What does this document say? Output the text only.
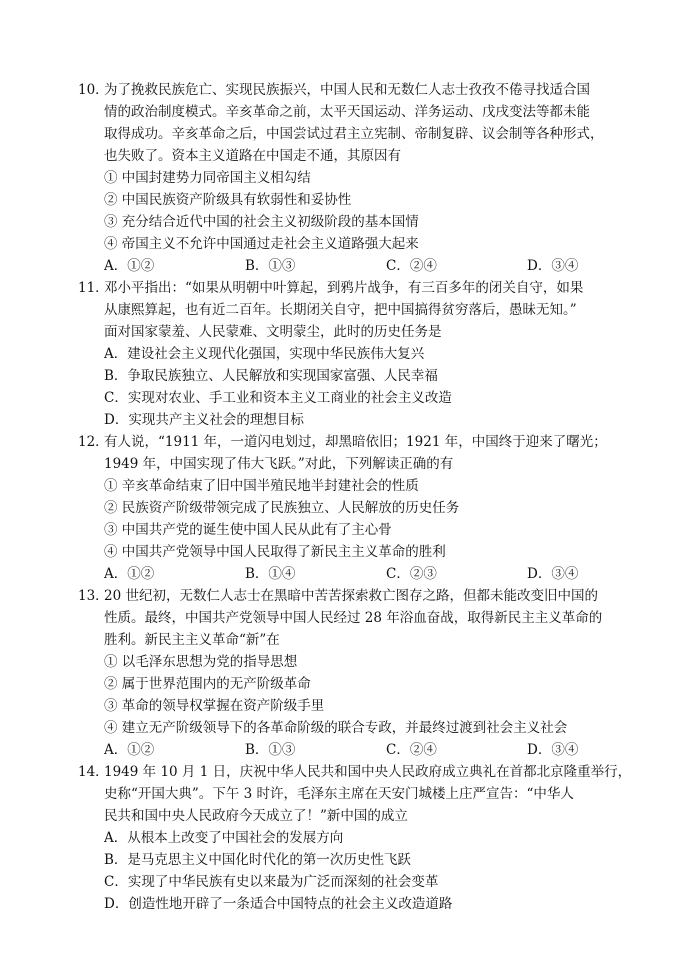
10．为了挽救民族危亡、实现民族振兴，中国人民和无数仁人志士孜孜不倦寻找适合国
情的政治制度模式。辛亥革命之前，太平天国运动、洋务运动、戊戌变法等都未能
取得成功。辛亥革命之后，中国尝试过君主立宪制、帝制复辟、议会制等各种形式，
也失败了。资本主义道路在中国走不通，其原因有
① 中国封建势力同帝国主义相勾结
② 中国民族资产阶级具有软弱性和妥协性
③ 充分结合近代中国的社会主义初级阶段的基本国情
④ 帝国主义不允许中国通过走社会主义道路强大起来
A．①②	B．①③	C．②④	D．③④
11．邓小平指出：“如果从明朝中叶算起，到鸦片战争，有三百多年的闭关自守，如果
从康熙算起，也有近二百年。长期闭关自守，把中国搞得贫穷落后，愚昧无知。”
面对国家蒙羞、人民蒙难、文明蒙尘，此时的历史任务是
A．建设社会主义现代化强国，实现中华民族伟大复兴
B．争取民族独立、人民解放和实现国家富强、人民幸福
C．实现对农业、手工业和资本主义工商业的社会主义改造
D．实现共产主义社会的理想目标
12．有人说，“1911 年，一道闪电划过，却黑暗依旧；1921 年，中国终于迎来了曙光；
1949 年，中国实现了伟大飞跃。”对此，下列解读正确的有
① 辛亥革命结束了旧中国半殖民地半封建社会的性质
② 民族资产阶级带领完成了民族独立、人民解放的历史任务
③ 中国共产党的诞生使中国人民从此有了主心骨
④ 中国共产党领导中国人民取得了新民主主义革命的胜利
A．①②	B．①④	C．②③	D．③④
13．20 世纪初，无数仁人志士在黑暗中苦苦探索救亡图存之路，但都未能改变旧中国的
性质。最终，中国共产党领导中国人民经过 28 年浴血奋战，取得新民主主义革命的
胜利。新民主主义革命“新”在
① 以毛泽东思想为党的指导思想
② 属于世界范围内的无产阶级革命
③ 革命的领导权掌握在资产阶级手里
④ 建立无产阶级领导下的各革命阶级的联合专政，并最终过渡到社会主义社会
A．①②	B．①③	C．②④	D．③④
14．1949 年 10 月 1 日，庆祝中华人民共和国中央人民政府成立典礼在首都北京隆重举行，
史称“开国大典”。下午 3 时许，毛泽东主席在天安门城楼上庄严宣告：“中华人
民共和国中央人民政府今天成立了！”新中国的成立
A．从根本上改变了中国社会的发展方向
B．是马克思主义中国化时代化的第一次历史性飞跃
C．实现了中华民族有史以来最为广泛而深刻的社会变革
D．创造性地开辟了一条适合中国特点的社会主义改造道路
